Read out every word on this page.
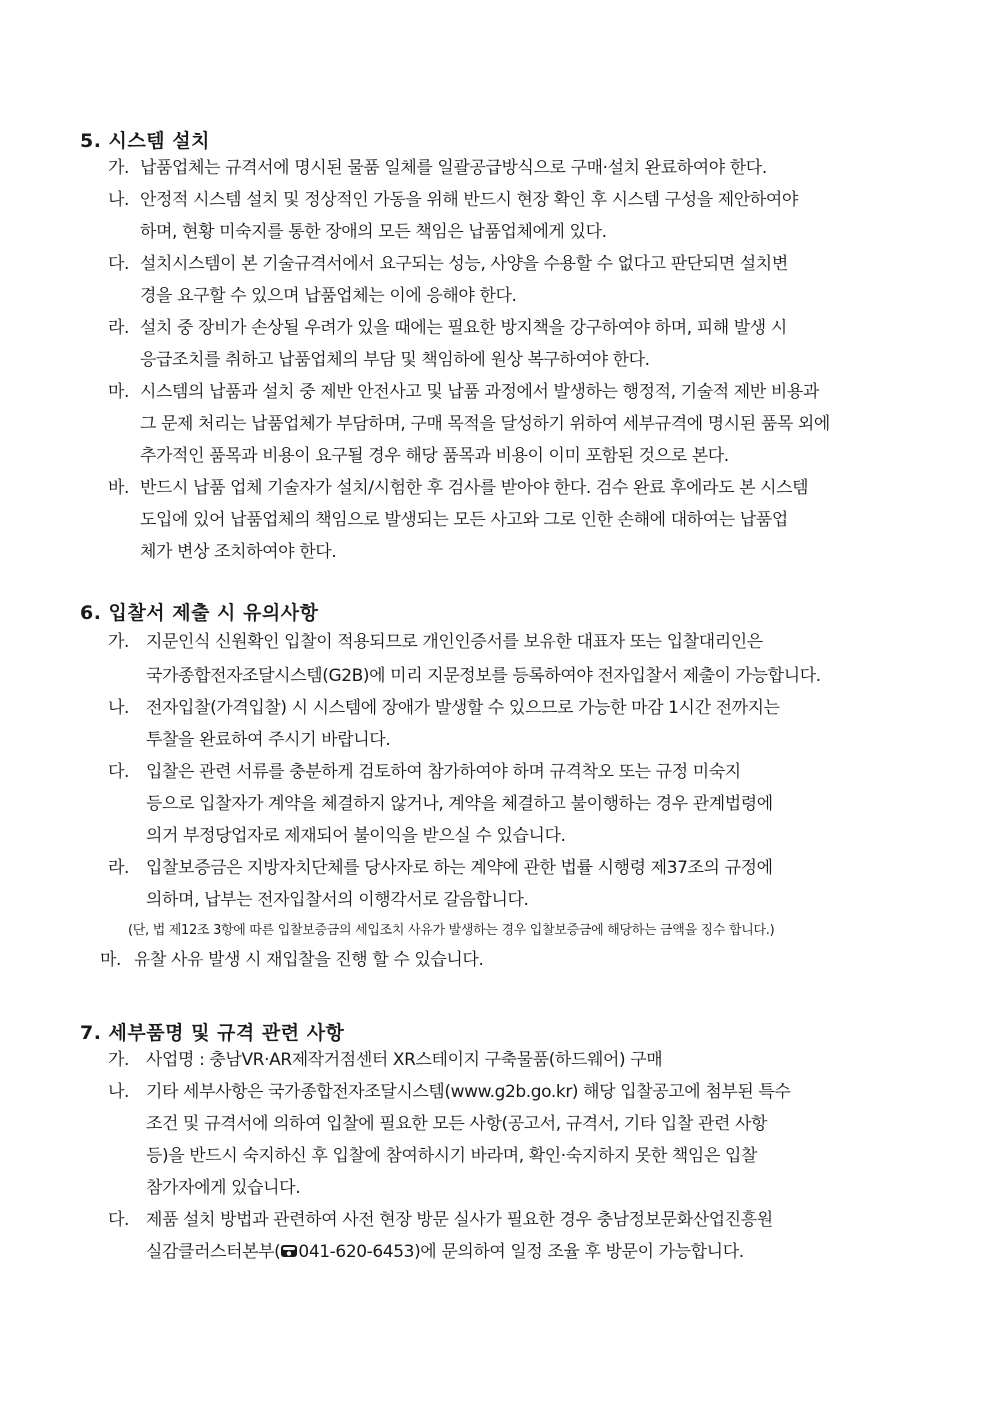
5. 시스템 설치
가. 납품업체는 규격서에 명시된 물품 일체를 일괄공급방식으로 구매·설치 완료하여야 한다.
나. 안정적 시스템 설치 및 정상적인 가동을 위해 반드시 현장 확인 후 시스템 구성을 제안하여야
하며, 현황 미숙지를 통한 장애의 모든 책임은 납품업체에게 있다.
다. 설치시스템이 본 기술규격서에서 요구되는 성능, 사양을 수용할 수 없다고 판단되면 설치변
경을 요구할 수 있으며 납품업체는 이에 응해야 한다.
라. 설치 중 장비가 손상될 우려가 있을 때에는 필요한 방지책을 강구하여야 하며, 피해 발생 시
응급조치를 취하고 납품업체의 부담 및 책임하에 원상 복구하여야 한다.
마. 시스템의 납품과 설치 중 제반 안전사고 및 납품 과정에서 발생하는 행정적, 기술적 제반 비용과
그 문제 처리는 납품업체가 부담하며, 구매 목적을 달성하기 위하여 세부규격에 명시된 품목 외에
추가적인 품목과 비용이 요구될 경우 해당 품목과 비용이 이미 포함된 것으로 본다.
바. 반드시 납품 업체 기술자가 설치/시험한 후 검사를 받아야 한다. 검수 완료 후에라도 본 시스템
도입에 있어 납품업체의 책임으로 발생되는 모든 사고와 그로 인한 손해에 대하여는 납품업
체가 변상 조치하여야 한다.
6. 입찰서 제출 시 유의사항
가. 지문인식 신원확인 입찰이 적용되므로 개인인증서를 보유한 대표자 또는 입찰대리인은
국가종합전자조달시스템(G2B)에 미리 지문정보를 등록하여야 전자입찰서 제출이 가능합니다.
나. 전자입찰(가격입찰) 시 시스템에 장애가 발생할 수 있으므로 가능한 마감 1시간 전까지는
투찰을 완료하여 주시기 바랍니다.
다. 입찰은 관련 서류를 충분하게 검토하여 참가하여야 하며 규격착오 또는 규정 미숙지
등으로 입찰자가 계약을 체결하지 않거나, 계약을 체결하고 불이행하는 경우 관계법령에
의거 부정당업자로 제재되어 불이익을 받으실 수 있습니다.
라. 입찰보증금은 지방자치단체를 당사자로 하는 계약에 관한 법률 시행령 제37조의 규정에
의하며, 납부는 전자입찰서의 이행각서로 갈음합니다.
(단, 법 제12조 3항에 따른 입찰보증금의 세입조치 사유가 발생하는 경우 입찰보증금에 해당하는 금액을 징수 합니다.)
마. 유찰 사유 발생 시 재입찰을 진행 할 수 있습니다.
7. 세부품명 및 규격 관련 사항
가. 사업명 : 충남VR·AR제작거점센터 XR스테이지 구축물품(하드웨어) 구매
나. 기타 세부사항은 국가종합전자조달시스템(www.g2b.go.kr) 해당 입찰공고에 첨부된 특수
조건 및 규격서에 의하여 입찰에 필요한 모든 사항(공고서, 규격서, 기타 입찰 관련 사항
등)을 반드시 숙지하신 후 입찰에 참여하시기 바라며, 확인·숙지하지 못한 책임은 입찰
참가자에게 있습니다.
다. 제품 설치 방법과 관련하여 사전 현장 방문 실사가 필요한 경우 충남정보문화산업진흥원
실감클러스터본부( 041-620-6453)에 문의하여 일정 조율 후 방문이 가능합니다.
